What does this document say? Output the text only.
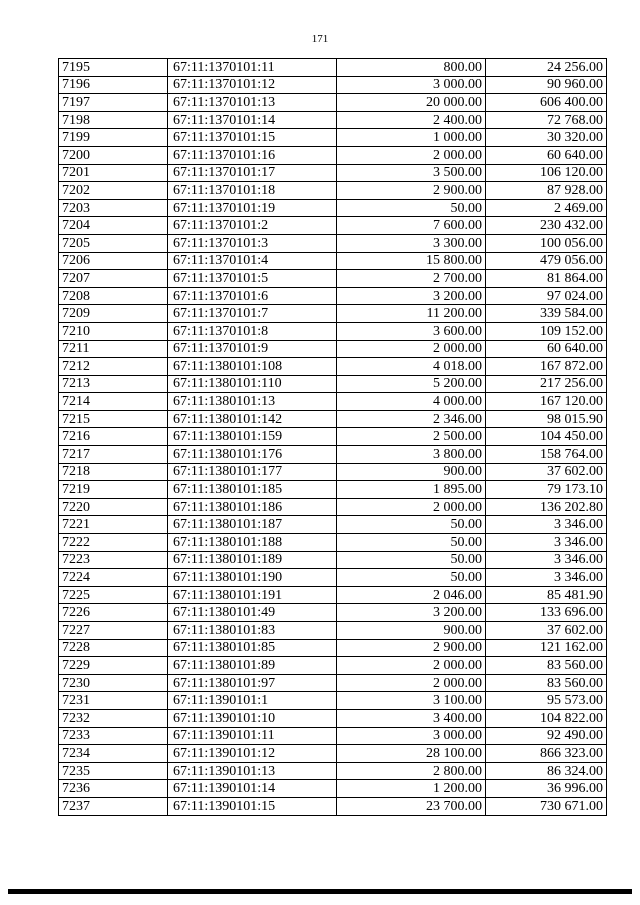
171
7195	67:11:1370101:11	800.00	24 256.00
7196	67:11:1370101:12	3 000.00	90 960.00
7197	67:11:1370101:13	20 000.00	606 400.00
7198	67:11:1370101:14	2 400.00	72 768.00
7199	67:11:1370101:15	1 000.00	30 320.00
7200	67:11:1370101:16	2 000.00	60 640.00
7201	67:11:1370101:17	3 500.00	106 120.00
7202	67:11:1370101:18	2 900.00	87 928.00
7203	67:11:1370101:19	50.00	2 469.00
7204	67:11:1370101:2	7 600.00	230 432.00
7205	67:11:1370101:3	3 300.00	100 056.00
7206	67:11:1370101:4	15 800.00	479 056.00
7207	67:11:1370101:5	2 700.00	81 864.00
7208	67:11:1370101:6	3 200.00	97 024.00
7209	67:11:1370101:7	11 200.00	339 584.00
7210	67:11:1370101:8	3 600.00	109 152.00
7211	67:11:1370101:9	2 000.00	60 640.00
7212	67:11:1380101:108	4 018.00	167 872.00
7213	67:11:1380101:110	5 200.00	217 256.00
7214	67:11:1380101:13	4 000.00	167 120.00
7215	67:11:1380101:142	2 346.00	98 015.90
7216	67:11:1380101:159	2 500.00	104 450.00
7217	67:11:1380101:176	3 800.00	158 764.00
7218	67:11:1380101:177	900.00	37 602.00
7219	67:11:1380101:185	1 895.00	79 173.10
7220	67:11:1380101:186	2 000.00	136 202.80
7221	67:11:1380101:187	50.00	3 346.00
7222	67:11:1380101:188	50.00	3 346.00
7223	67:11:1380101:189	50.00	3 346.00
7224	67:11:1380101:190	50.00	3 346.00
7225	67:11:1380101:191	2 046.00	85 481.90
7226	67:11:1380101:49	3 200.00	133 696.00
7227	67:11:1380101:83	900.00	37 602.00
7228	67:11:1380101:85	2 900.00	121 162.00
7229	67:11:1380101:89	2 000.00	83 560.00
7230	67:11:1380101:97	2 000.00	83 560.00
7231	67:11:1390101:1	3 100.00	95 573.00
7232	67:11:1390101:10	3 400.00	104 822.00
7233	67:11:1390101:11	3 000.00	92 490.00
7234	67:11:1390101:12	28 100.00	866 323.00
7235	67:11:1390101:13	2 800.00	86 324.00
7236	67:11:1390101:14	1 200.00	36 996.00
7237	67:11:1390101:15	23 700.00	730 671.00
